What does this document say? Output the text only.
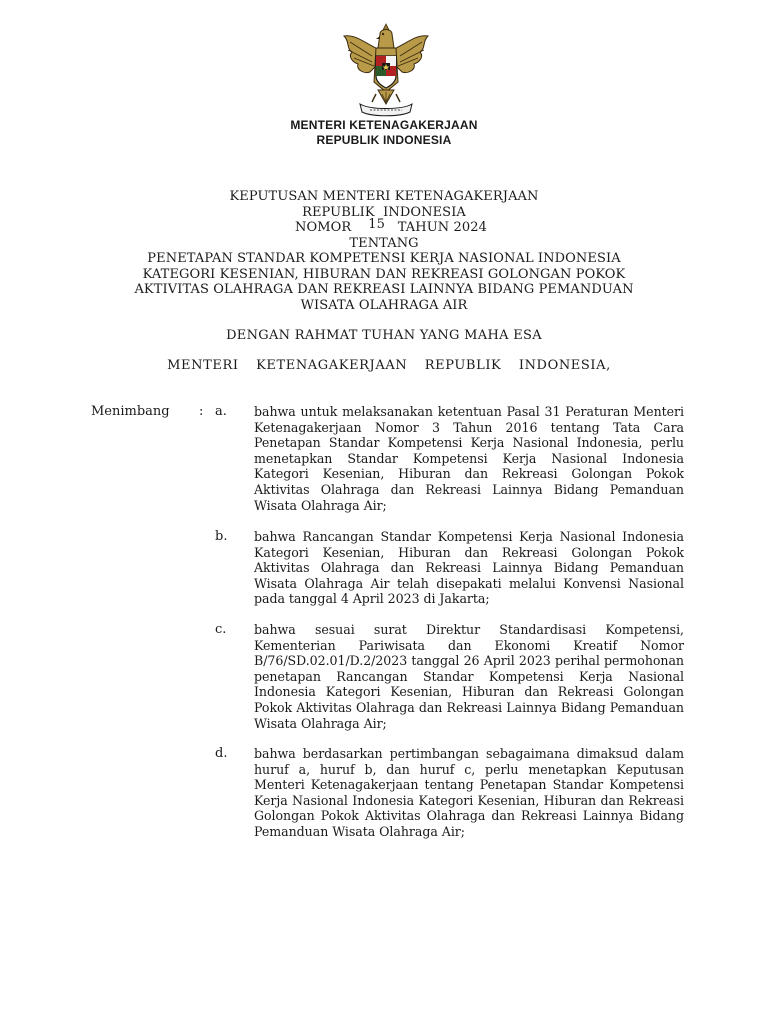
MENTERI KETENAGAKERJAAN
REPUBLIK INDONESIA
KEPUTUSAN MENTERI KETENAGAKERJAAN
REPUBLIK  INDONESIA
NOMOR 15 TAHUN 2024
TENTANG
PENETAPAN STANDAR KOMPETENSI KERJA NASIONAL INDONESIA
KATEGORI KESENIAN, HIBURAN DAN REKREASI GOLONGAN POKOK
AKTIVITAS OLAHRAGA DAN REKREASI LAINNYA BIDANG PEMANDUAN
WISATA OLAHRAGA AIR
DENGAN RAHMAT TUHAN YANG MAHA ESA
MENTERI  KETENAGAKERJAAN  REPUBLIK  INDONESIA,
Menimbang : a. bahwa untuk melaksanakan ketentuan Pasal 31 Peraturan Menteri Ketenagakerjaan Nomor 3 Tahun 2016 tentang Tata Cara Penetapan Standar Kompetensi Kerja Nasional Indonesia, perlu menetapkan Standar Kompetensi Kerja Nasional Indonesia Kategori Kesenian, Hiburan dan Rekreasi Golongan Pokok Aktivitas Olahraga dan Rekreasi Lainnya Bidang Pemanduan Wisata Olahraga Air;
b. bahwa Rancangan Standar Kompetensi Kerja Nasional Indonesia Kategori Kesenian, Hiburan dan Rekreasi Golongan Pokok Aktivitas Olahraga dan Rekreasi Lainnya Bidang Pemanduan Wisata Olahraga Air telah disepakati melalui Konvensi Nasional pada tanggal 4 April 2023 di Jakarta;
c. bahwa sesuai surat Direktur Standardisasi Kompetensi, Kementerian Pariwisata dan Ekonomi Kreatif Nomor B/76/SD.02.01/D.2/2023 tanggal 26 April 2023 perihal permohonan penetapan Rancangan Standar Kompetensi Kerja Nasional Indonesia Kategori Kesenian, Hiburan dan Rekreasi Golongan Pokok Aktivitas Olahraga dan Rekreasi Lainnya Bidang Pemanduan Wisata Olahraga Air;
d. bahwa berdasarkan pertimbangan sebagaimana dimaksud dalam huruf a, huruf b, dan huruf c, perlu menetapkan Keputusan Menteri Ketenagakerjaan tentang Penetapan Standar Kompetensi Kerja Nasional Indonesia Kategori Kesenian, Hiburan dan Rekreasi Golongan Pokok Aktivitas Olahraga dan Rekreasi Lainnya Bidang Pemanduan Wisata Olahraga Air;
